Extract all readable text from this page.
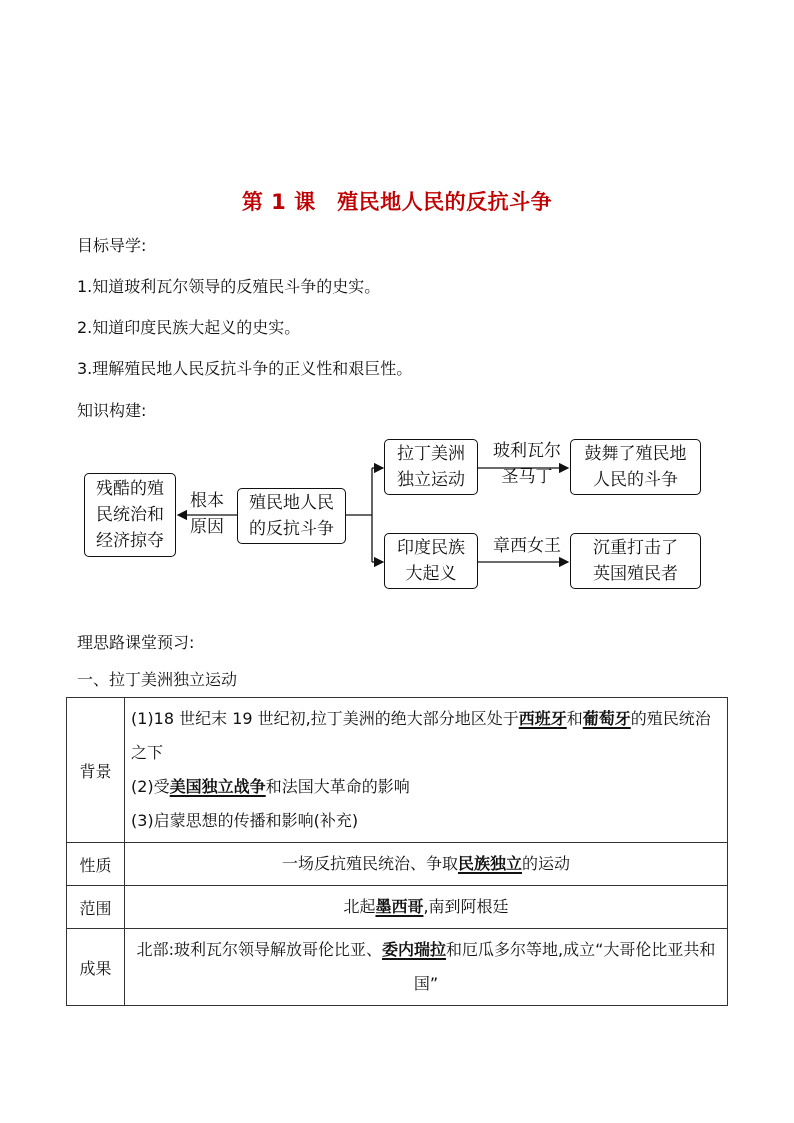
第 1 课　殖民地人民的反抗斗争
目标导学:
1.知道玻利瓦尔领导的反殖民斗争的史实。
2.知道印度民族大起义的史实。
3.理解殖民地人民反抗斗争的正义性和艰巨性。
知识构建:
残酷的殖
民统治和
经济掠夺
根本
原因
殖民地人民
的反抗斗争
拉丁美洲
独立运动
玻利瓦尔
圣马丁
鼓舞了殖民地
人民的斗争
印度民族
大起义
章西女王	沉重打击了
英国殖民者
理思路课堂预习:
一、拉丁美洲独立运动
背景	(1)18 世纪末 19 世纪初,拉丁美洲的绝大部分地区处于西班牙和葡萄牙的殖民统治之下
(2)受美国独立战争和法国大革命的影响
(3)启蒙思想的传播和影响(补充)

性质	一场反抗殖民统治、争取民族独立的运动
范围	北起墨西哥,南到阿根廷
成果	北部:玻利瓦尔领导解放哥伦比亚、委内瑞拉和厄瓜多尔等地,成立“大哥伦比亚共和国”
